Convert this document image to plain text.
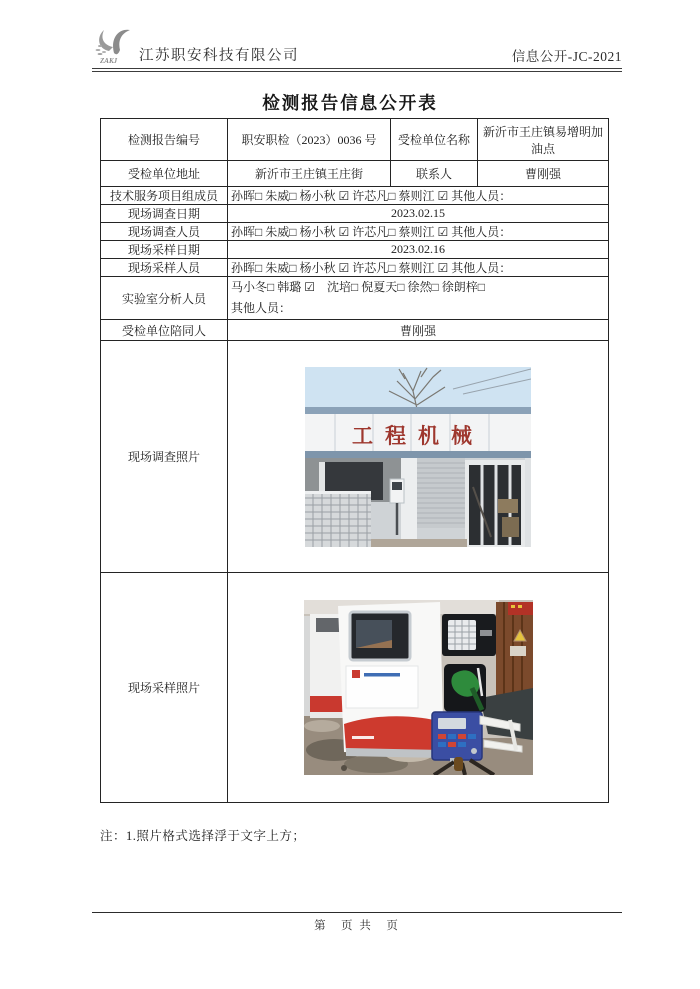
ZAKJ 江苏职安科技有限公司	信息公开-JC-2021
检测报告信息公开表
检测报告编号	职安职检（2023）0036 号	受检单位名称	新沂市王庄镇易增明加油点
受检单位地址	新沂市王庄镇王庄街	联系人	曹刚强
技术服务项目组成员	孙晖□ 朱威□ 杨小秋 ☑ 许芯凡□ 蔡则江 ☑ 其他人员：		
现场调查日期	2023.02.15		
现场调查人员	孙晖□ 朱威□ 杨小秋 ☑ 许芯凡□ 蔡则江 ☑ 其他人员：		
现场采样日期	2023.02.16		
现场采样人员	孙晖□ 朱威□ 杨小秋 ☑ 许芯凡□ 蔡则江 ☑ 其他人员：		
实验室分析人员	马小冬□ 韩璐 ☑　沈培□ 倪夏天□ 徐然□ 徐朗梓□
其他人员：		

受检单位陪同人	曹刚强		
现场调查照片	工程机械		

现场采样照片	
注：1.照片格式选择浮于文字上方；
第　页 共　页
